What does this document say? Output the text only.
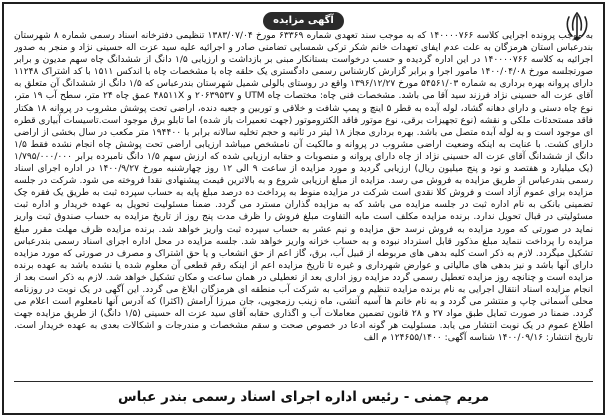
آگهی مزایده
به موجب پرونده اجرایی کلاسه ۱۴۰۰۰۰۷۶۶ که به موجب سند تعهدی شماره ۶۳۳۶۹ مورخ ۱۳۸۳/۰۷/۰۴ تنظیمی دفترخانه اسناد رسمی شماره ۸ شهرستان بندرعباس استان هرمزگان به علت عدم ایفای تعهدات خانم شکر ترکی شمسایی تضامنی صادر و اجرائیه علیه سید عزت اله حسینی نژاد و منجر به صدور اجرائیه به کلاسه ۱۴۰۰۰۰۷۶۶ در این اداره گردیده و حسب درخواست بستانکار مبنی بر بازداشت و ارزیابی ۱/۵ دانگ از ششدانگ چاه سهم مدیون و برابر صورتجلسه مورخ ۱۴۰۰/۰۴/۰۸ مامور اجرا و برابر گزارش کارشناس رسمی دادگستری یک حلقه چاه با مشخصات چاه با اندکس ۱۵۱۱ با کد اشتراک ۱۱۲۴۸ دارای پروانه بهره برداری به شماره ۵۴۵۶۱/۰۳ مورخ ۱۳۹۶/۱۲/۲۷ واقع در روستای بالولی شمیل شهرستان بندرعباس که ۱/۵ دانگ از ششدانگ آن متعلق به آقای عزت اله حسینی نژاد فرزند سید آقا می باشد. مشخصات فنی چاه: مختصات چاه UTM و ۲۰۶۳۹۵۳۷ و ۴۸۵۱۱X عمق چاه ۲۴ متر، سطح آب ۱۹ متر، نوع چاه دستی و دارای دهانه گشاد، لوله آبده به قطر ۵ اینچ و پمپ شافت و خلاقی و توربین و جعبه دنده، اراضی تحت پوشش مشروب در پروانه ۱۸ هکتار فاقد مستحدثات ملکی و نقشه (نوع تجهیزات برقی، نوع موتور فاقد الکتروموتور (جهت تعمیرات باز شده) اما تابلو برق موجود است.تاسیسات آبیاری قطره ای موجود است و به لوله آبده متصل می باشد. بهره برداری مجاز ۱۸ لیتر در ثانیه و حجم تخلیه سالانه برابر با ۱۹۴۴۰۰ متر مکعب در سال بخشی از اراضی دارای کشت. با عنایت به اینکه وضعیت اراضی مشروب در پروانه و مالکیت آن نامشخص میباشد ارزیابی اراضی تحت پوشش چاه انجام نشده فقط ۱/۵ دانگ از ششدانگ آقای عزت اله حسینی نژاد از چاه دارای پروانه و منصوبات و حقابه ارزیابی شده که ارزش سهم ۱/۵ دانگ نامبرده برابر ۱/۷۹۵/۰۰۰/۰۰۰ (یک میلیارد و هفتصد و نود و پنج میلیون ریال) ارزیابی گردید و مورد مزایده از ساعت ۹ الی ۱۲ روز چهارشنبه مورخ ۱۴۰۰/۹/۲۷ در اداره اجرای اسناد رسمی بندرعباس از طریق مزایده به فروش می رسد. مزایده از مبلغ ارزیابی شروع و به بالاترین قیمت پیشنهادی نقدا فروخته می شود. شرکت در جلسه مزایده برای عموم آزاد است و فروش کلا نقدی است شرکت در مزایده منوط به پرداخت ده درصد مبلغ پایه به حساب سپرده ثبت به طریق یک فقره چک تضمینی بانکی به نام اداره ثبت در جلسه مزایده می باشد که به مزایده گذاران مسترد می گردد. ضمنا مسئولیت تحویل به عهده خریدار و اداره ثبت مسئولیتی در قبال تحویل ندارد. برنده مزایده مکلف است مابه التفاوت مبلغ فروش را ظرف مدت پنج روز از تاریخ مزایده به حساب صندوق ثبت واریز نماید در صورتی که مورد مزایده به فروش نرسد حق مزایده و نیم عشر به حساب سپرده ثبت واریز خواهد شد. برنده مزایده ظرف مهلت مقرر مبلغ مزایده را پرداخت ننماید مبلغ مذکور قابل استرداد نبوده و به حساب خزانه واریز خواهد شد. جلسه مزایده در محل اداره اجرای اسناد رسمی بندرعباس تشکیل میگردد. لازم به ذکر است کلیه بدهی های مربوطه از قبیل آب، برق، گاز اعم از حق انشعاب و یا حق اشتراک و مصرف در صورتی که مورد مزایده دارای آنها باشد و نیز بدهی های مالیاتی و عوارض شهرداری و غیره تا تاریخ مزایده اعم از اینکه رقم قطعی آن معلوم شده یا نشده باشد به عهده برنده مزایده است و چنانچه روز مزایده تعطیل رسمی گردد مزایده روز اداری بعد از تعطیلی در همان ساعت و مکان تشکیل خواهد شد. لازم به ذکر است بعد از انجام مزایده اسناد انتقال اجرایی به نام برنده مزایده تنظیم و مراتب به شرکت آب منطقه ای هرمزگان ابلاغ می گردد. این آگهی در یک نوبت در روزنامه محلی آسمانی چاپ و منتشر می گردد و به نام خانم ها آسیه آتشی، ماه زینب رزمجویی، جان میرزا آرامش (اکثرا) که آدرس آنها نامعلوم است اعلام می گردد. ضمنا در صورت تمایل طبق مواد ۲۷ و ۲۸ قانون تضمین معاملات آب و اگذاری حقابه آقای سید عزت اله حسینی (۱/۵ دانگ) از طریق مزایده جهت اطلاع عموم در یک نوبت انتشار می یابد. مسئولیت هر گونه ادعا در خصوص صحت و سقم مشخصات و مندرجات و اشکالات بعدی به عهده خریدار است. تاریخ انتشار: ۱۴۰۰/۰۹/۱۶ شناسه آگهی: ۱۲۴۶۵۵/۱۴۰۰ م الف
مریم چمنی - رئیس اداره اجرای اسناد رسمی بندر عباس
